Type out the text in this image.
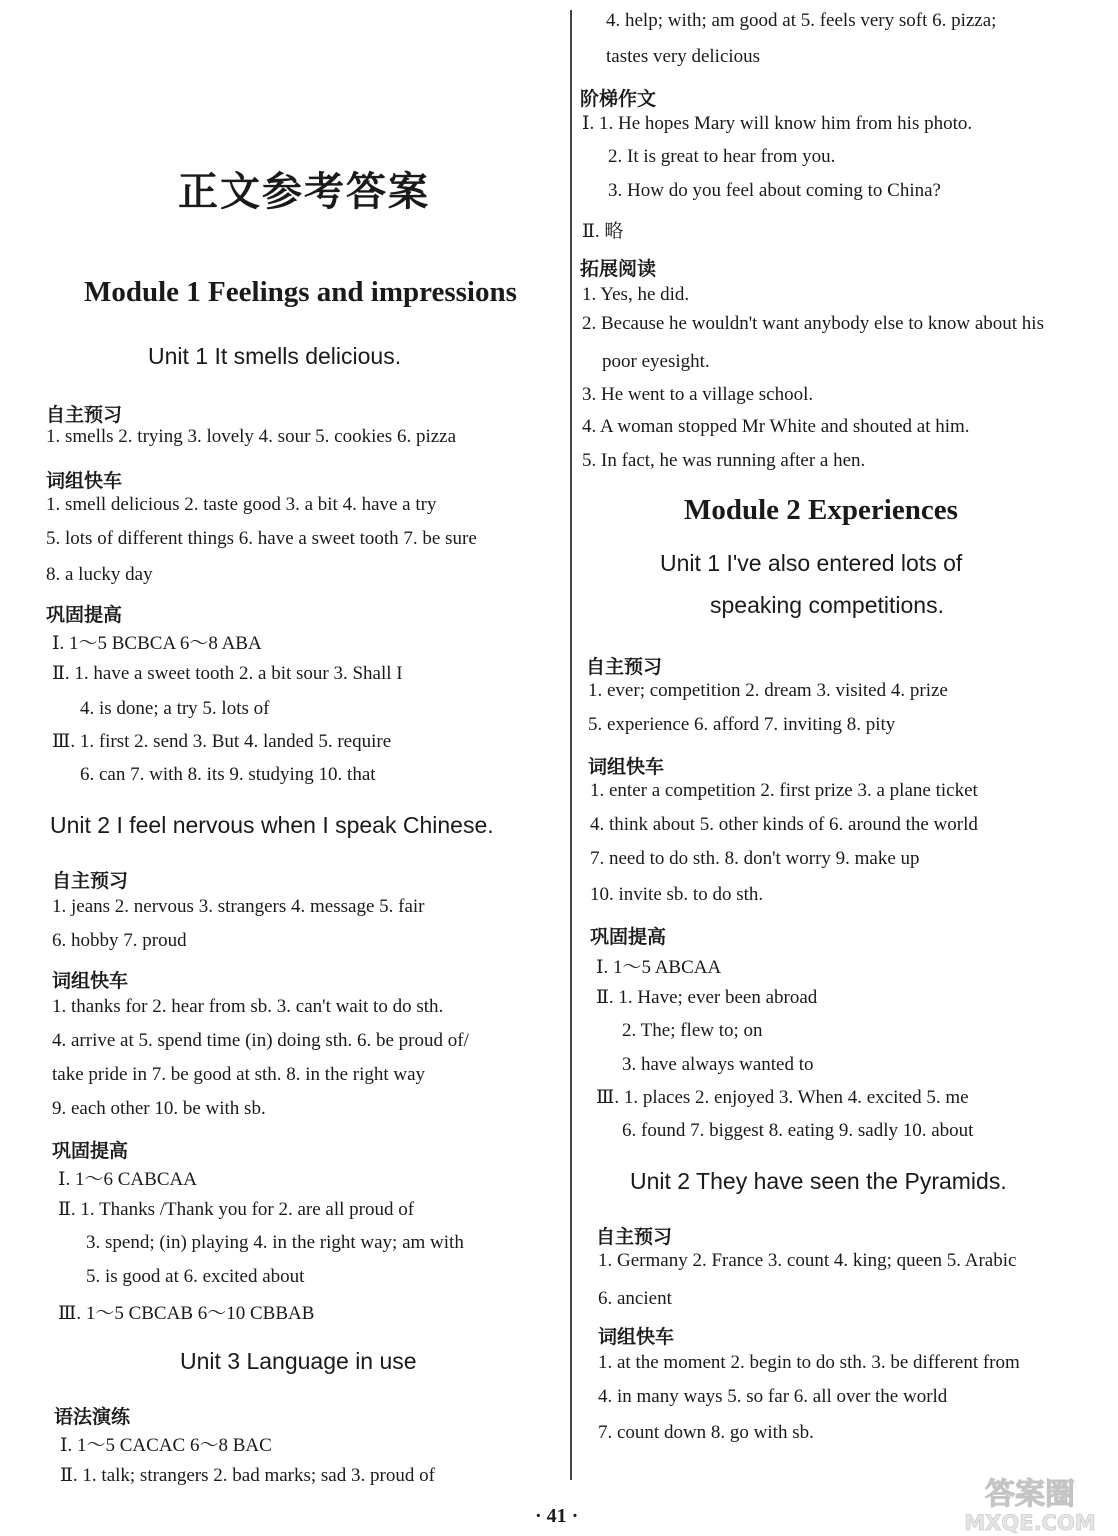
正文参考答案
Module 1 Feelings and impressions
Unit 1 It smells delicious.
自主预习
1. smells 2. trying 3. lovely 4. sour 5. cookies 6. pizza
词组快车
1. smell delicious 2. taste good 3. a bit 4. have a try
5. lots of different things 6. have a sweet tooth 7. be sure
8. a lucky day
巩固提高
Ⅰ. 1～5 BCBCA 6～8 ABA
Ⅱ. 1. have a sweet tooth 2. a bit sour 3. Shall I
4. is done; a try 5. lots of
Ⅲ. 1. first 2. send 3. But 4. landed 5. require
6. can 7. with 8. its 9. studying 10. that
Unit 2 I feel nervous when I speak Chinese.
自主预习
1. jeans 2. nervous 3. strangers 4. message 5. fair
6. hobby 7. proud
词组快车
1. thanks for 2. hear from sb. 3. can't wait to do sth.
4. arrive at 5. spend time (in) doing sth. 6. be proud of/
take pride in 7. be good at sth. 8. in the right way
9. each other 10. be with sb.
巩固提高
Ⅰ. 1～6 CABCAA
Ⅱ. 1. Thanks /Thank you for 2. are all proud of
3. spend; (in) playing 4. in the right way; am with
5. is good at 6. excited about
Ⅲ. 1～5 CBCAB 6～10 CBBAB
Unit 3 Language in use
语法演练
Ⅰ. 1～5 CACAC 6～8 BAC
Ⅱ. 1. talk; strangers 2. bad marks; sad 3. proud of
4. help; with; am good at 5. feels very soft 6. pizza;
tastes very delicious
阶梯作文
Ⅰ. 1. He hopes Mary will know him from his photo.
2. It is great to hear from you.
3. How do you feel about coming to China?
Ⅱ. 略
拓展阅读
1. Yes, he did.
2. Because he wouldn't want anybody else to know about his
poor eyesight.
3. He went to a village school.
4. A woman stopped Mr White and shouted at him.
5. In fact, he was running after a hen.
Module 2 Experiences
Unit 1 I've also entered lots of
speaking competitions.
自主预习
1. ever; competition 2. dream 3. visited 4. prize
5. experience 6. afford 7. inviting 8. pity
词组快车
1. enter a competition 2. first prize 3. a plane ticket
4. think about 5. other kinds of 6. around the world
7. need to do sth. 8. don't worry 9. make up
10. invite sb. to do sth.
巩固提高
Ⅰ. 1～5 ABCAA
Ⅱ. 1. Have; ever been abroad
2. The; flew to; on
3. have always wanted to
Ⅲ. 1. places 2. enjoyed 3. When 4. excited 5. me
6. found 7. biggest 8. eating 9. sadly 10. about
Unit 2 They have seen the Pyramids.
自主预习
1. Germany 2. France 3. count 4. king; queen 5. Arabic
6. ancient
词组快车
1. at the moment 2. begin to do sth. 3. be different from
4. in many ways 5. so far 6. all over the world
7. count down 8. go with sb.
· 41 ·
答案圈
MXQE.COM
